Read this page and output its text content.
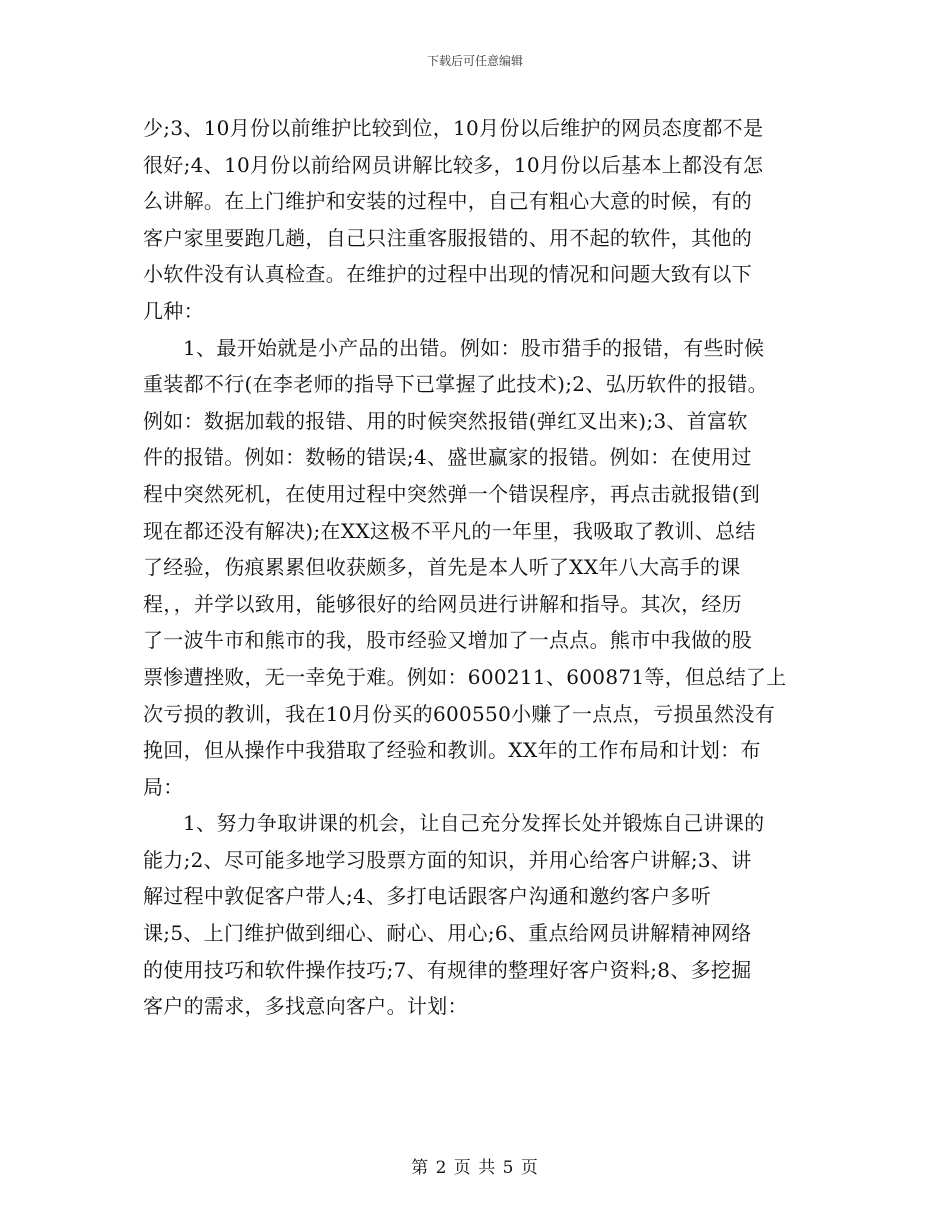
下载后可任意编辑
少;3、10月份以前维护比较到位，10月份以后维护的网员态度都不是
很好;4、10月份以前给网员讲解比较多，10月份以后基本上都没有怎
么讲解。在上门维护和安装的过程中，自己有粗心大意的时候，有的
客户家里要跑几趟，自己只注重客服报错的、用不起的软件，其他的
小软件没有认真检查。在维护的过程中出现的情况和问题大致有以下
几种：
1、最开始就是小产品的出错。例如：股市猎手的报错，有些时候
重装都不行(在李老师的指导下已掌握了此技术);2、弘历软件的报错。
例如：数据加载的报错、用的时候突然报错(弹红叉出来);3、首富软
件的报错。例如：数畅的错误;4、盛世赢家的报错。例如：在使用过
程中突然死机，在使用过程中突然弹一个错误程序，再点击就报错(到
现在都还没有解决);在XX这极不平凡的一年里，我吸取了教训、总结
了经验，伤痕累累但收获颇多，首先是本人听了XX年八大高手的课
程，，并学以致用，能够很好的给网员进行讲解和指导。其次，经历
了一波牛市和熊市的我，股市经验又增加了一点点。熊市中我做的股
票惨遭挫败，无一幸免于难。例如：600211、600871等，但总结了上
次亏损的教训，我在10月份买的600550小赚了一点点，亏损虽然没有
挽回，但从操作中我猎取了经验和教训。XX年的工作布局和计划：布
局：
1、努力争取讲课的机会，让自己充分发挥长处并锻炼自己讲课的
能力;2、尽可能多地学习股票方面的知识，并用心给客户讲解;3、讲
解过程中敦促客户带人;4、多打电话跟客户沟通和邀约客户多听
课;5、上门维护做到细心、耐心、用心;6、重点给网员讲解精神网络
的使用技巧和软件操作技巧;7、有规律的整理好客户资料;8、多挖掘
客户的需求，多找意向客户。计划：
第 2 页 共 5 页
